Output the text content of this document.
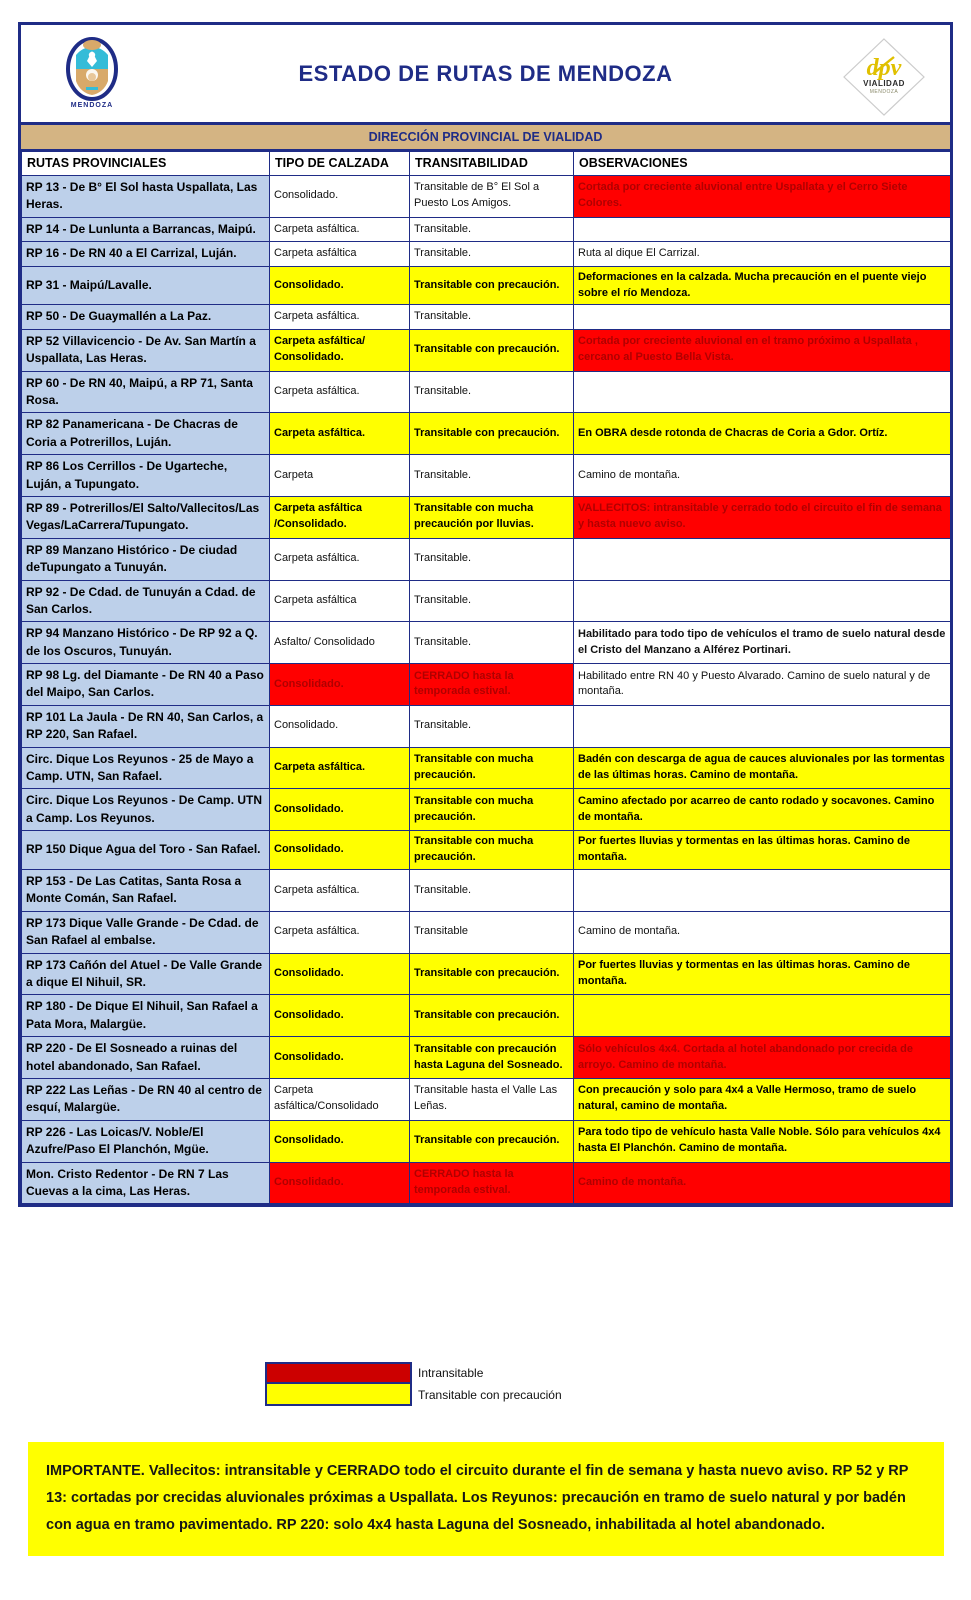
MENDOZA
ESTADO DE RUTAS DE MENDOZA	dpv
VIALIDAD
MENDOZA
DIRECCIÓN PROVINCIAL DE VIALIDAD
RUTAS PROVINCIALES	TIPO DE CALZADA	TRANSITABILIDAD	OBSERVACIONES
RP 13 - De B° El Sol hasta Uspallata, Las Heras.	Consolidado.	Transitable de B° El Sol a Puesto Los Amigos.	Cortada por creciente aluvional entre Uspallata y el Cerro Siete Colores.
RP 14 - De Lunlunta a Barrancas, Maipú.	Carpeta asfáltica.	Transitable.	
RP 16 - De RN 40 a El Carrizal, Luján.	Carpeta asfáltica	Transitable.	Ruta al dique El Carrizal.
RP 31 - Maipú/Lavalle.	Consolidado.	Transitable con precaución.	Deformaciones en la calzada. Mucha precaución en el puente viejo sobre el río Mendoza.
RP 50 - De Guaymallén a La Paz.	Carpeta asfáltica.	Transitable.	
RP 52 Villavicencio - De Av. San Martín a Uspallata, Las Heras.	Carpeta asfáltica/ Consolidado.	Transitable con precaución.	Cortada por creciente aluvional en el tramo próximo a Uspallata , cercano al Puesto Bella Vista.
RP 60 - De RN 40, Maipú, a RP 71, Santa Rosa.	Carpeta asfáltica.	Transitable.	
RP 82 Panamericana - De Chacras de Coria a Potrerillos, Luján.	Carpeta asfáltica.	Transitable con precaución.	En OBRA desde rotonda de Chacras de Coria a Gdor. Ortíz.
RP 86 Los Cerrillos - De Ugarteche, Luján, a Tupungato.	Carpeta	Transitable.	Camino de montaña.
RP 89 - Potrerillos/El Salto/Vallecitos/Las Vegas/LaCarrera/Tupungato.	Carpeta asfáltica /Consolidado.	Transitable con mucha precaución por lluvias.	VALLECITOS: intransitable y cerrado todo el circuito el fin de semana y hasta nuevo aviso.
RP 89 Manzano Histórico - De ciudad deTupungato a Tunuyán.	Carpeta asfáltica.	Transitable.	
RP 92 - De Cdad. de Tunuyán a Cdad. de San Carlos.	Carpeta asfáltica	Transitable.	
RP 94 Manzano Histórico - De RP 92 a Q. de los Oscuros, Tunuyán.	Asfalto/ Consolidado	Transitable.	Habilitado para todo tipo de vehículos el tramo de suelo natural desde el Cristo del Manzano a Alférez Portinari.
RP 98 Lg. del Diamante - De RN 40 a Paso del Maipo, San Carlos.	Consolidado.	CERRADO hasta la temporada estival.	Habilitado entre RN 40 y Puesto Alvarado. Camino de suelo natural y de montaña.
RP 101 La Jaula - De RN 40, San Carlos, a RP 220, San Rafael.	Consolidado.	Transitable.	
Circ. Dique Los Reyunos - 25 de Mayo a Camp. UTN, San Rafael.	Carpeta asfáltica.	Transitable con mucha precaución.	Badén con descarga de agua de cauces aluvionales por las tormentas de las últimas horas. Camino de montaña.
Circ. Dique Los Reyunos - De Camp. UTN a Camp. Los Reyunos.	Consolidado.	Transitable con mucha precaución.	Camino afectado por acarreo de canto rodado y socavones. Camino de montaña.
RP 150 Dique Agua del Toro - San Rafael.	Consolidado.	Transitable con mucha precaución.	Por fuertes lluvias y tormentas en las últimas horas. Camino de montaña.
RP 153 - De Las Catitas, Santa Rosa a Monte Comán, San Rafael.	Carpeta asfáltica.	Transitable.	
RP 173 Dique Valle Grande - De Cdad. de San Rafael al embalse.	Carpeta asfáltica.	Transitable	Camino de montaña.
RP 173 Cañón del Atuel - De Valle Grande a dique El Nihuil, SR.	Consolidado.	Transitable con precaución.	Por fuertes lluvias y tormentas en las últimas horas. Camino de montaña.
RP 180 - De Dique El Nihuil, San Rafael a Pata Mora, Malargüe.	Consolidado.	Transitable con precaución.	
RP 220 - De El Sosneado a ruinas del hotel abandonado, San Rafael.	Consolidado.	Transitable con precaución hasta Laguna del Sosneado.	Sólo vehículos 4x4. Cortada al hotel abandonado por crecida de arroyo. Camino de montaña.
RP 222 Las Leñas - De RN 40 al centro de esquí, Malargüe.	Carpeta asfáltica/Consolidado	Transitable hasta el Valle Las Leñas.	Con precaución y solo para 4x4 a Valle Hermoso, tramo de suelo natural, camino de montaña.
RP 226 - Las Loicas/V. Noble/El Azufre/Paso El Planchón, Mgüe.	Consolidado.	Transitable con precaución.	Para todo tipo de vehículo hasta Valle Noble. Sólo para vehículos 4x4 hasta El Planchón. Camino de montaña.
Mon. Cristo Redentor - De RN 7 Las Cuevas a la cima, Las Heras.	Consolidado.	CERRADO hasta la temporada estival.	Camino de montaña.
Intransitable
Transitable con precaución
IMPORTANTE. Vallecitos: intransitable y CERRADO todo el circuito durante el fin de semana y hasta nuevo aviso. RP 52 y RP 13: cortadas por crecidas aluvionales próximas a Uspallata. Los Reyunos: precaución en tramo de suelo natural y por badén con agua en tramo pavimentado. RP 220: solo 4x4 hasta Laguna del Sosneado, inhabilitada al hotel abandonado.
